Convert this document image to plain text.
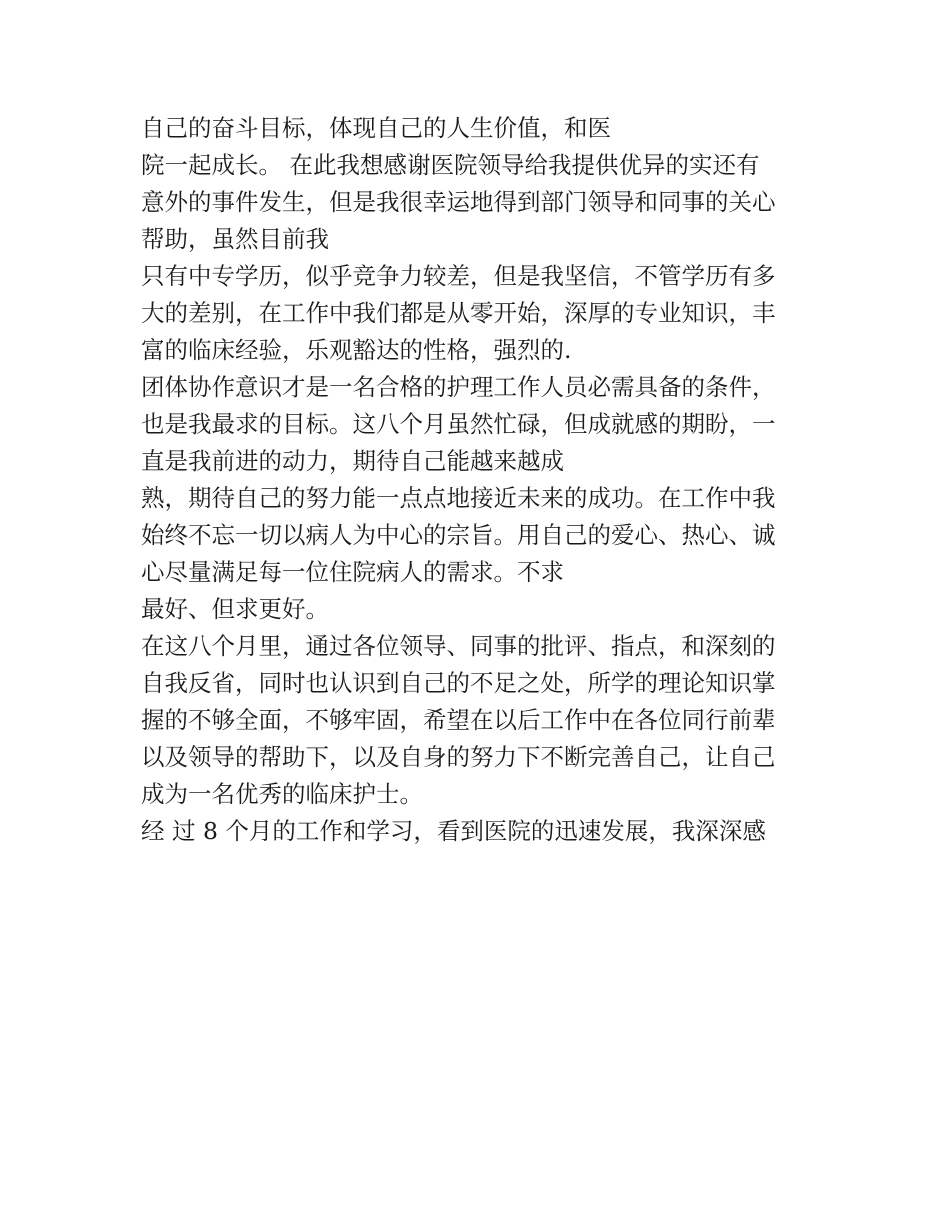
自己的奋斗目标，体现自己的人生价值，和医

院一起成长。 在此我想感谢医院领导给我提供优异的实还有

意外的事件发生，但是我很幸运地得到部门领导和同事的关心

帮助，虽然目前我

只有中专学历，似乎竞争力较差，但是我坚信，不管学历有多

大的差别，在工作中我们都是从零开始，深厚的专业知识，丰

富的临床经验，乐观豁达的性格，强烈的.

团体协作意识才是一名合格的护理工作人员必需具备的条件，

也是我最求的目标。这八个月虽然忙碌，但成就感的期盼，一

直是我前进的动力，期待自己能越来越成

熟，期待自己的努力能一点点地接近未来的成功。在工作中我

始终不忘一切以病人为中心的宗旨。用自己的爱心、热心、诚

心尽量满足每一位住院病人的需求。不求

最好、但求更好。

在这八个月里，通过各位领导、同事的批评、指点，和深刻的

自我反省，同时也认识到自己的不足之处，所学的理论知识掌

握的不够全面，不够牢固，希望在以后工作中在各位同行前辈

以及领导的帮助下，以及自身的努力下不断完善自己，让自己

成为一名优秀的临床护士。

经 过 8 个月的工作和学习，看到医院的迅速发展，我深深感
